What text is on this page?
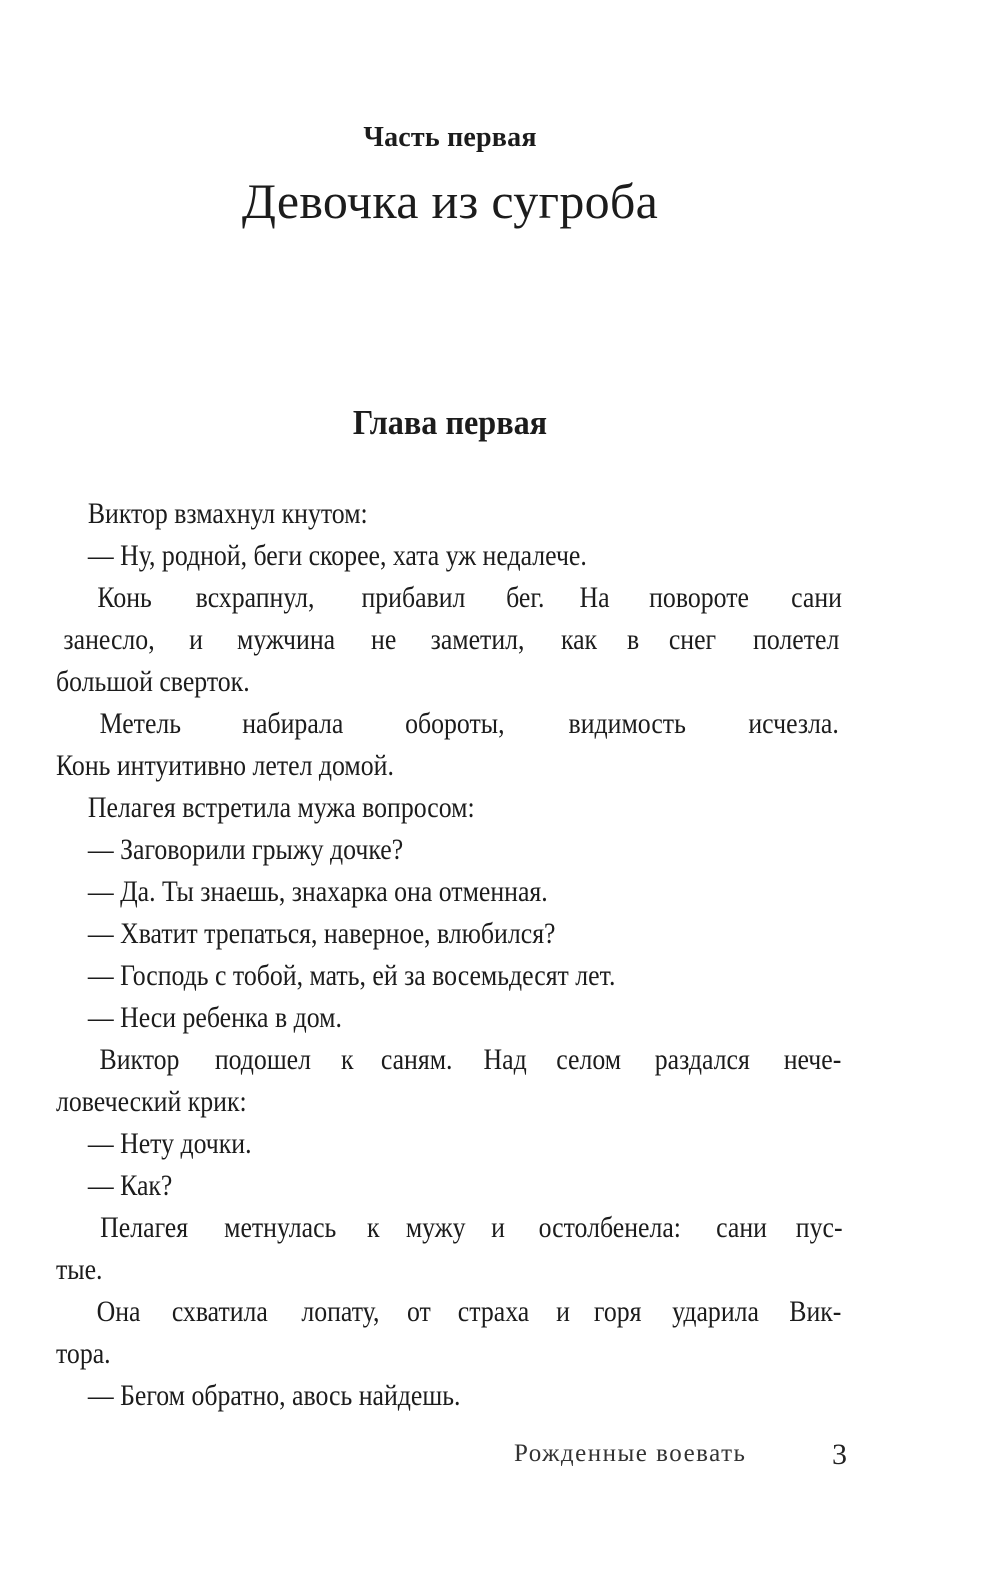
Часть первая
Девочка из сугроба
Глава первая
Виктор взмахнул кнутом:
— Ну, родной, беги скорее, хата уж недалече.
Конь всхрапнул, прибавил бег. На повороте сани
занесло, и мужчина не заметил, как в снег полетел
большой сверток.
Метель набирала обороты, видимость исчезла.
Конь интуитивно летел домой.
Пелагея встретила мужа вопросом:
— Заговорили грыжу дочке?
— Да. Ты знаешь, знахарка она отменная.
— Хватит трепаться, наверное, влюбился?
— Господь с тобой, мать, ей за восемьдесят лет.
— Неси ребенка в дом.
Виктор подошел к саням. Над селом раздался нече-
ловеческий крик:
— Нету дочки.
— Как?
Пелагея метнулась к мужу и остолбенела: сани пус-
тые.
Она схватила лопату, от страха и горя ударила Вик-
тора.
— Бегом обратно, авось найдешь.
Рожденные воевать	3
